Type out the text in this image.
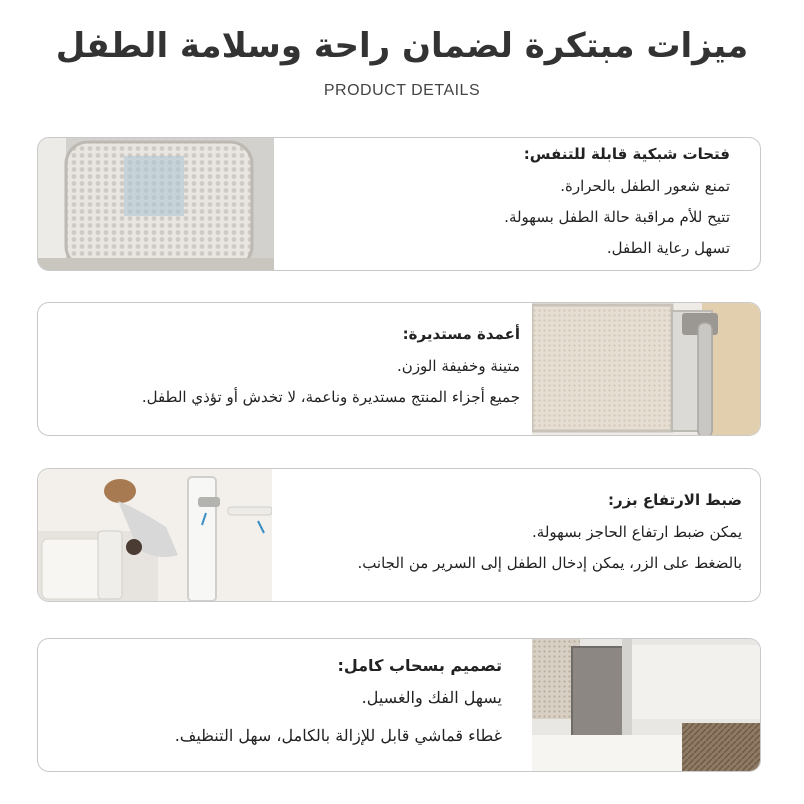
ميزات مبتكرة لضمان راحة وسلامة الطفل
PRODUCT DETAILS
فتحات شبكية قابلة للتنفس:
تمنع شعور الطفل بالحرارة.
تتيح للأم مراقبة حالة الطفل بسهولة.
تسهل رعاية الطفل.
أعمدة مستديرة:
متينة وخفيفة الوزن.
جميع أجزاء المنتج مستديرة وناعمة، لا تخدش أو تؤذي الطفل.
ضبط الارتفاع بزر:
يمكن ضبط ارتفاع الحاجز بسهولة.
بالضغط على الزر، يمكن إدخال الطفل إلى السرير من الجانب.
تصميم بسحاب كامل:
يسهل الفك والغسيل.
غطاء قماشي قابل للإزالة بالكامل، سهل التنظيف.
